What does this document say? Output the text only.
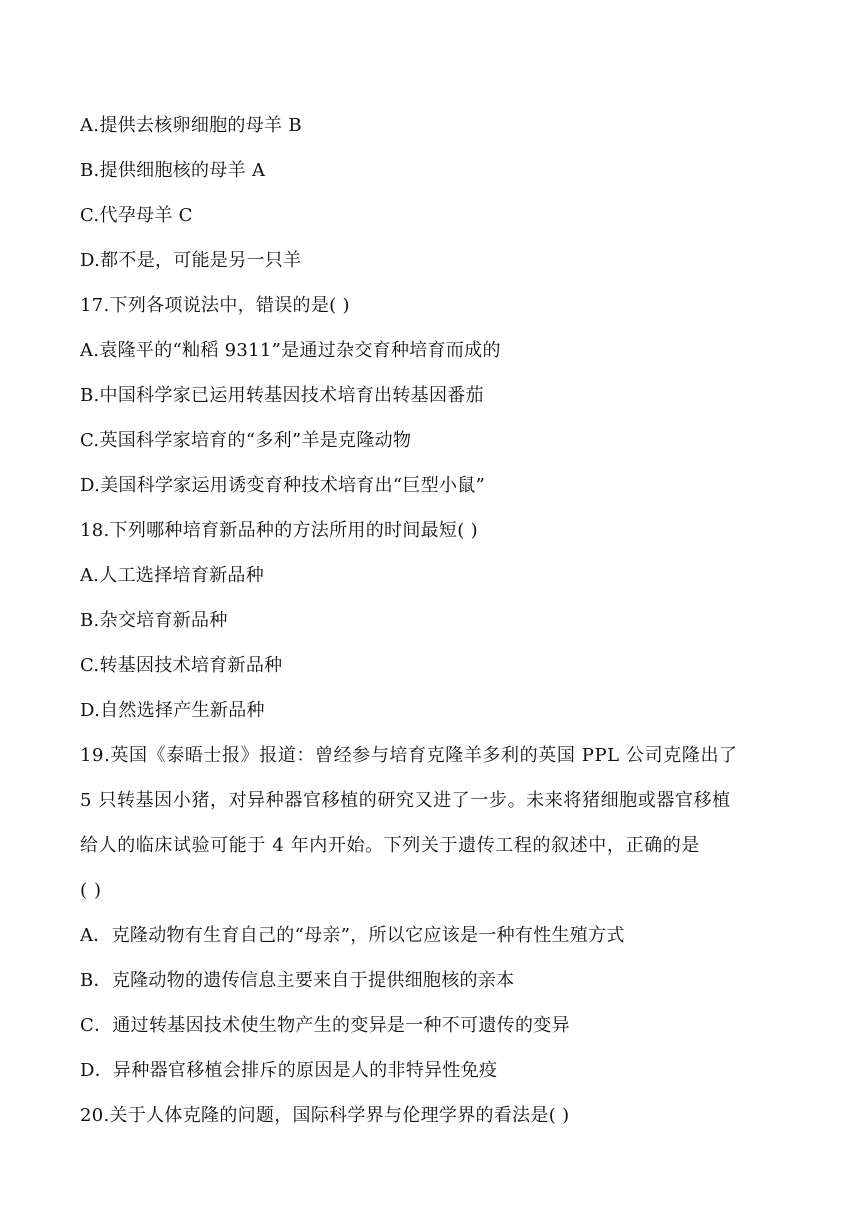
A.提供去核卵细胞的母羊 B
B.提供细胞核的母羊 A
C.代孕母羊 C
D.都不是，可能是另一只羊
17.下列各项说法中，错误的是( )
A.袁隆平的“籼稻 9311”是通过杂交育种培育而成的
B.中国科学家已运用转基因技术培育出转基因番茄
C.英国科学家培育的“多利”羊是克隆动物
D.美国科学家运用诱变育种技术培育出“巨型小鼠”
18.下列哪种培育新品种的方法所用的时间最短( )
A.人工选择培育新品种
B.杂交培育新品种
C.转基因技术培育新品种
D.自然选择产生新品种
19.英国《泰晤士报》报道：曾经参与培育克隆羊多利的英国 PPL 公司克隆出了
5 只转基因小猪，对异种器官移植的研究又进了一步。未来将猪细胞或器官移植
给人的临床试验可能于 4 年内开始。下列关于遗传工程的叙述中，正确的是
( )
A．克隆动物有生育自己的“母亲”，所以它应该是一种有性生殖方式
B．克隆动物的遗传信息主要来自于提供细胞核的亲本
C．通过转基因技术使生物产生的变异是一种不可遗传的变异
D．异种器官移植会排斥的原因是人的非特异性免疫
20.关于人体克隆的问题，国际科学界与伦理学界的看法是( )
